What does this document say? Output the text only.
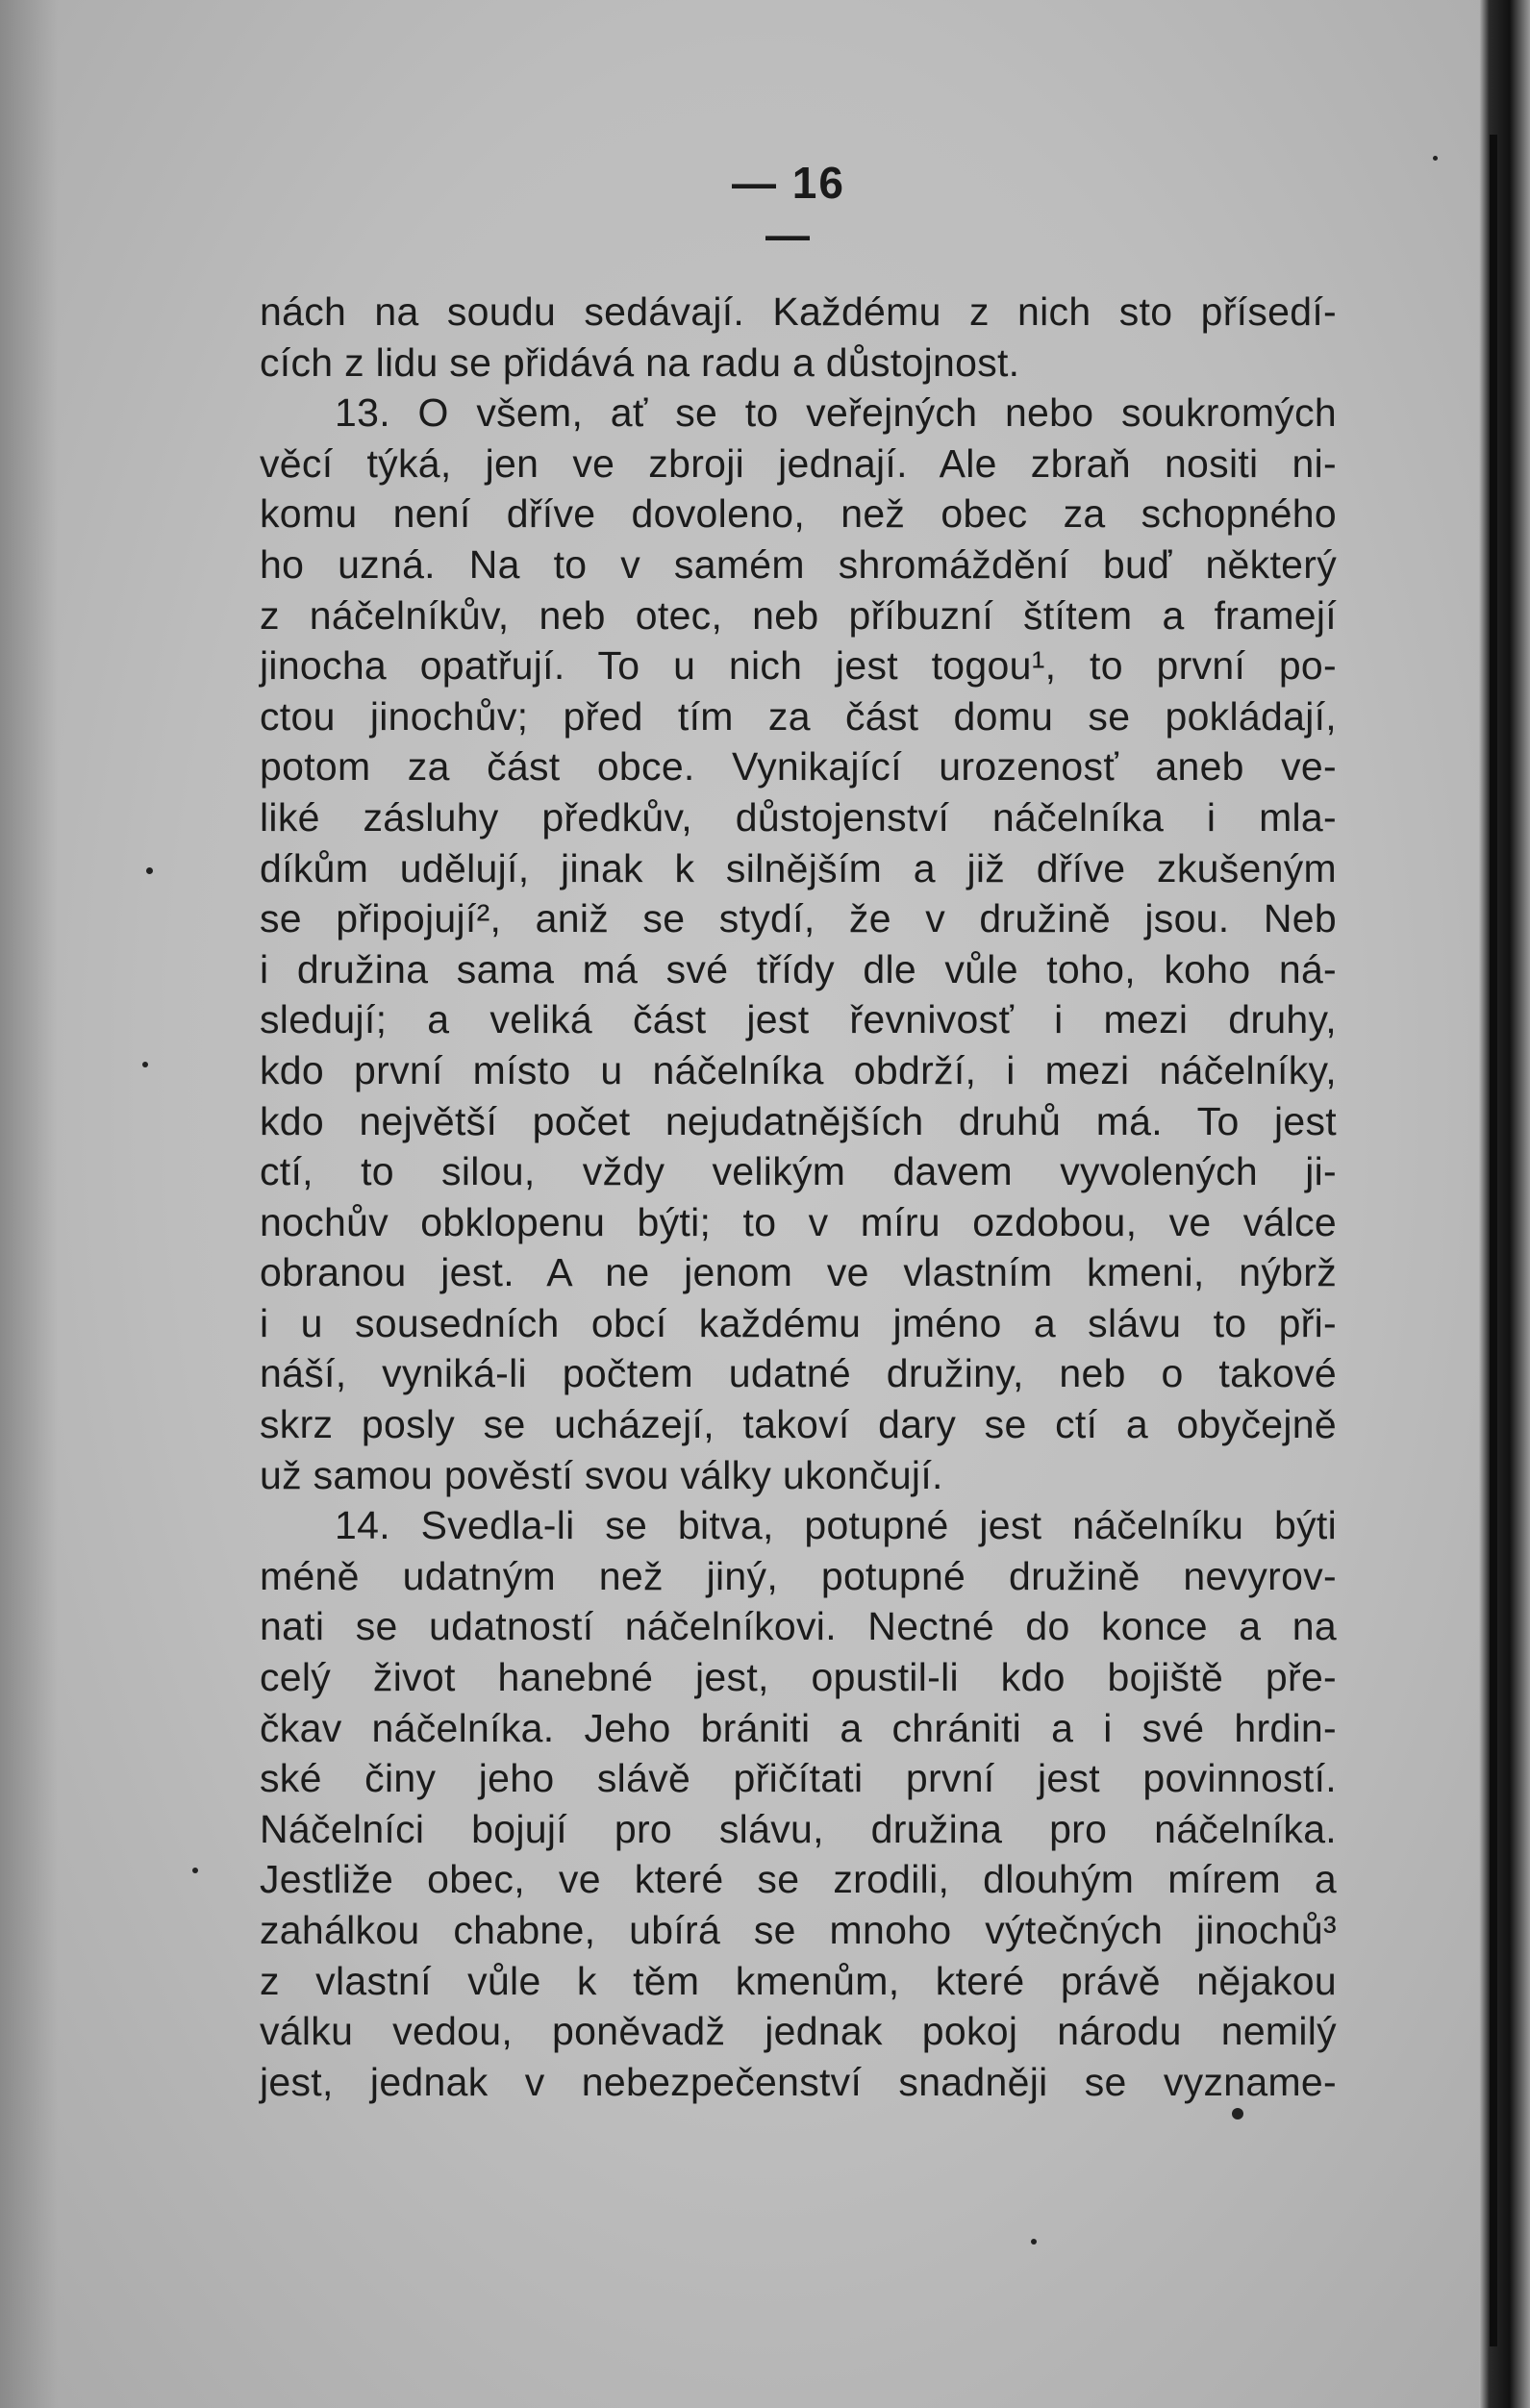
— 16 —
nách na soudu sedávají. Každému z nich sto přísedí-
cích z lidu se přidává na radu a důstojnost.
13. O všem, ať se to veřejných nebo soukromých
věcí týká, jen ve zbroji jednají. Ale zbraň nositi ni-
komu není dříve dovoleno, než obec za schopného
ho uzná. Na to v samém shromáždění buď některý
z náčelníkův, neb otec, neb příbuzní štítem a framejí
jinocha opatřují. To u nich jest togou¹, to první po-
ctou jinochův; před tím za část domu se pokládají,
potom za část obce. Vynikající urozenosť aneb ve-
liké zásluhy předkův, důstojenství náčelníka i mla-
díkům udělují, jinak k silnějším a již dříve zkušeným
se připojují², aniž se stydí, že v družině jsou. Neb
i družina sama má své třídy dle vůle toho, koho ná-
sledují; a veliká část jest řevnivosť i mezi druhy,
kdo první místo u náčelníka obdrží, i mezi náčelníky,
kdo největší počet nejudatnějších druhů má. To jest
ctí, to silou, vždy velikým davem vyvolených ji-
nochův obklopenu býti; to v míru ozdobou, ve válce
obranou jest. A ne jenom ve vlastním kmeni, nýbrž
i u sousedních obcí každému jméno a slávu to při-
náší, vyniká-li počtem udatné družiny, neb o takové
skrz posly se ucházejí, takoví dary se ctí a obyčejně
už samou pověstí svou války ukončují.
14. Svedla-li se bitva, potupné jest náčelníku býti
méně udatným než jiný, potupné družině nevyrov-
nati se udatností náčelníkovi. Nectné do konce a na
celý život hanebné jest, opustil-li kdo bojiště pře-
čkav náčelníka. Jeho brániti a chrániti a i své hrdin-
ské činy jeho slávě přičítati první jest povinností.
Náčelníci bojují pro slávu, družina pro náčelníka.
Jestliže obec, ve které se zrodili, dlouhým mírem a
zahálkou chabne, ubírá se mnoho výtečných jinochů³
z vlastní vůle k těm kmenům, které právě nějakou
válku vedou, poněvadž jednak pokoj národu nemilý
jest, jednak v nebezpečenství snadněji se vyzname-
